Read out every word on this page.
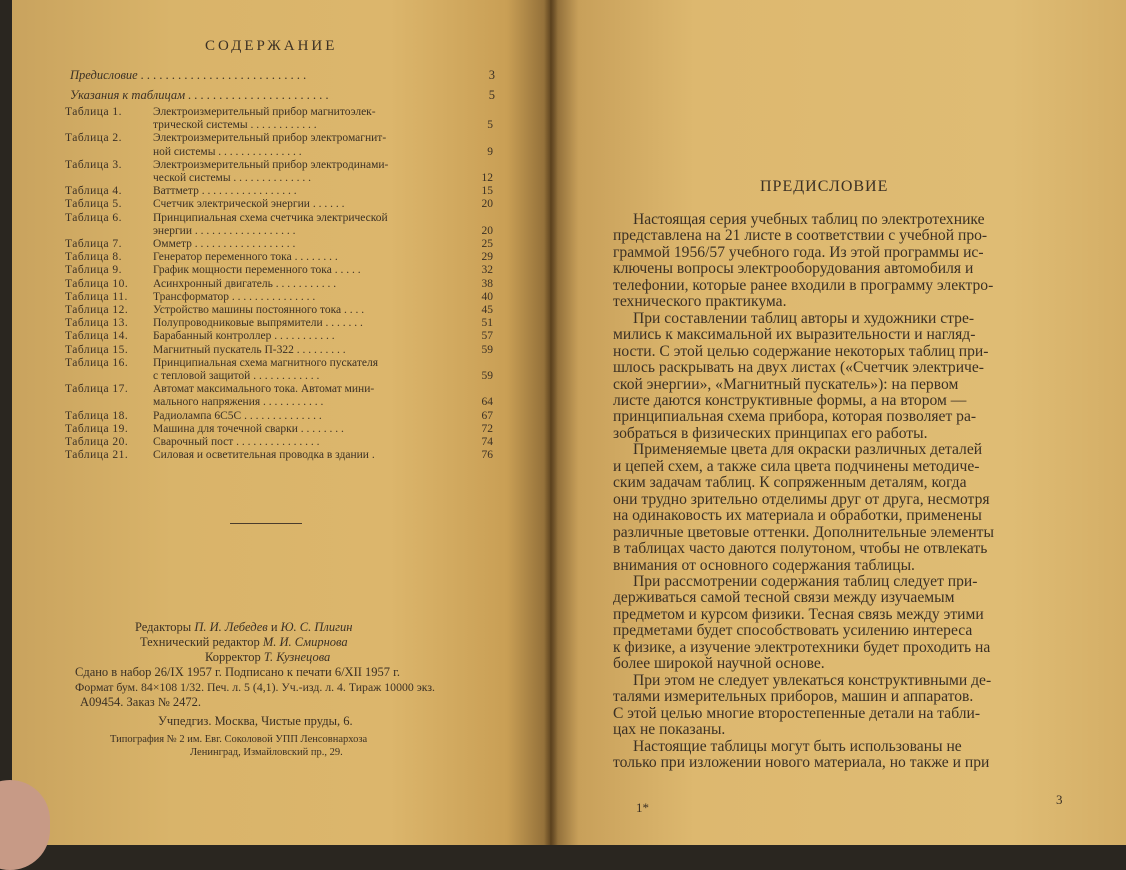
СОДЕРЖАНИЕ
Предисловие . . . . . . . . . . . . . . . . . . . . . . . . . . .	3
Указания к таблицам . . . . . . . . . . . . . . . . . . . . . . .	5
Таблица 1.	Электроизмерительный прибор магнитоэлек-
трической системы . . . . . . . . . . . .	5
Таблица 2.	Электроизмерительный прибор электромагнит-
ной системы . . . . . . . . . . . . . . .	9
Таблица 3.	Электроизмерительный прибор электродинами-
ческой системы . . . . . . . . . . . . . .	12
Таблица 4.	Ваттметр . . . . . . . . . . . . . . . . .	15
Таблица 5.	Счетчик электрической энергии . . . . . .	20
Таблица 6.	Принципиальная схема счетчика электрической
энергии . . . . . . . . . . . . . . . . . .	20
Таблица 7.	Омметр . . . . . . . . . . . . . . . . . .	25
Таблица 8.	Генератор переменного тока . . . . . . . .	29
Таблица 9.	График мощности переменного тока . . . . .	32
Таблица 10.	Асинхронный двигатель . . . . . . . . . . .	38
Таблица 11.	Трансформатор . . . . . . . . . . . . . . .	40
Таблица 12.	Устройство машины постоянного тока . . . .	45
Таблица 13.	Полупроводниковые выпрямители . . . . . . .	51
Таблица 14.	Барабанный контроллер . . . . . . . . . . .	57
Таблица 15.	Магнитный пускатель П-322 . . . . . . . . .	59
Таблица 16.	Принципиальная схема магнитного пускателя
с тепловой защитой . . . . . . . . . . . .	59
Таблица 17.	Автомат максимального тока. Автомат мини-
мального напряжения . . . . . . . . . . .	64
Таблица 18.	Радиолампа 6С5С . . . . . . . . . . . . . .	67
Таблица 19.	Машина для точечной сварки . . . . . . . .	72
Таблица 20.	Сварочный пост . . . . . . . . . . . . . . .	74
Таблица 21.	Силовая и осветительная проводка в здании .	76
Редакторы П. И. Лебедев и Ю. С. Плигин
Технический редактор М. И. Смирнова
Корректор Т. Кузнецова
Сдано в набор 26/IX 1957 г. Подписано к печати 6/XII 1957 г.
Формат бум. 84×108 1/32. Печ. л. 5 (4,1). Уч.-изд. л. 4. Тираж 10000 экз.
А09454. Заказ № 2472.
Учпедгиз. Москва, Чистые пруды, 6.
Типография № 2 им. Евг. Соколовой УПП Ленсовнархоза
Ленинград, Измайловский пр., 29.
ПРЕДИСЛОВИЕ
Настоящая серия учебных таблиц по электротехнике
представлена на 21 листе в соответствии с учебной про-
граммой 1956/57 учебного года. Из этой программы ис-
ключены вопросы электрооборудования автомобиля и
телефонии, которые ранее входили в программу электро-
технического практикума.
При составлении таблиц авторы и художники стре-
мились к максимальной их выразительности и нагляд-
ности. С этой целью содержание некоторых таблиц при-
шлось раскрывать на двух листах («Счетчик электриче-
ской энергии», «Магнитный пускатель»): на первом
листе даются конструктивные формы, а на втором —
принципиальная схема прибора, которая позволяет ра-
зобраться в физических принципах его работы.
Применяемые цвета для окраски различных деталей
и цепей схем, а также сила цвета подчинены методиче-
ским задачам таблиц. К сопряженным деталям, когда
они трудно зрительно отделимы друг от друга, несмотря
на одинаковость их материала и обработки, применены
различные цветовые оттенки. Дополнительные элементы
в таблицах часто даются полутоном, чтобы не отвлекать
внимания от основного содержания таблицы.
При рассмотрении содержания таблиц следует при-
держиваться самой тесной связи между изучаемым
предметом и курсом физики. Тесная связь между этими
предметами будет способствовать усилению интереса
к физике, а изучение электротехники будет проходить на
более широкой научной основе.
При этом не следует увлекаться конструктивными де-
талями измерительных приборов, машин и аппаратов.
С этой целью многие второстепенные детали на табли-
цах не показаны.
Настоящие таблицы могут быть использованы не
только при изложении нового материала, но также и при
1*
3
